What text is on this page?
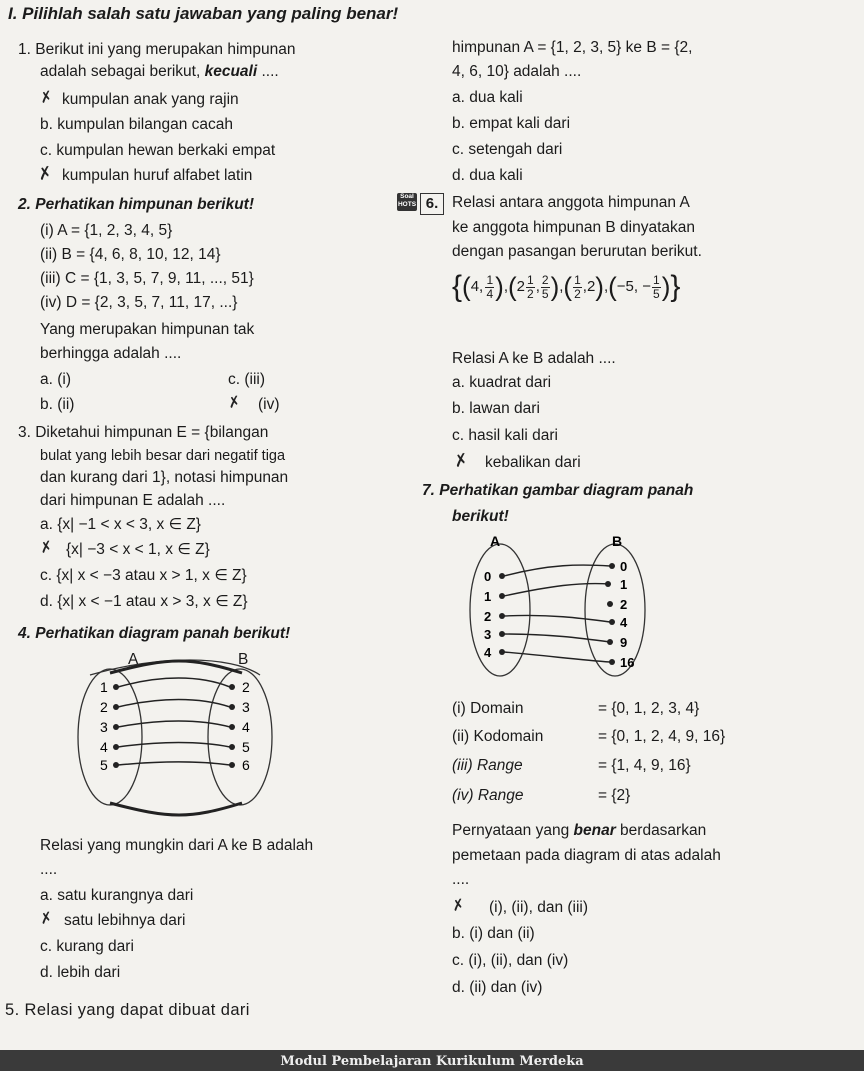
I. Pilihlah salah satu jawaban yang paling benar!
1. Berikut ini yang merupakan himpunan
adalah sebagai berikut, kecuali ....
✗ kumpulan anak yang rajin
b. kumpulan bilangan cacah
c. kumpulan hewan berkaki empat
✗ kumpulan huruf alfabet latin
2. Perhatikan himpunan berikut!
(i) A = {1, 2, 3, 4, 5}
(ii) B = {4, 6, 8, 10, 12, 14}
(iii) C = {1, 3, 5, 7, 9, 11, ..., 51}
(iv) D = {2, 3, 5, 7, 11, 17, ...}
Yang merupakan himpunan tak
berhingga adalah ....
a. (i)	c. (iii)
b. (ii)	✗ (iv)
3. Diketahui himpunan E = {bilangan
bulat yang lebih besar dari negatif tiga
dan kurang dari 1}, notasi himpunan
dari himpunan E adalah ....
a. {x| −1 < x < 3, x ∈ Z}
✗ {x| −3 < x < 1, x ∈ Z}
c. {x| x < −3 atau x > 1, x ∈ Z}
d. {x| x < −1 atau x > 3, x ∈ Z}
4. Perhatikan diagram panah berikut!
A	B
1
2
3
4
5
2
3
4
5
6
Relasi yang mungkin dari A ke B adalah
....
a. satu kurangnya dari
✗ satu lebihnya dari
c. kurang dari
d. lebih dari
5. Relasi yang dapat dibuat dari
himpunan A = {1, 2, 3, 5} ke B = {2,
4, 6, 10} adalah ....
a. dua kali
b. empat kali dari
c. setengah dari
d. dua kali
Soal HOTS 6. Relasi antara anggota himpunan A
ke anggota himpunan B dinyatakan
dengan pasangan berurutan berikut.
{(4,  $\frac{1}{4} ),(2 \frac{1}{2}$ , $\frac{2}{5}$ ),( $\frac{1}{2} ,2),(-5$, − $\frac{1}{5}$ )}
Relasi A ke B adalah ....
a. kuadrat dari
b. lawan dari
c. hasil kali dari
✗ kebalikan dari
7. Perhatikan gambar diagram panah
berikut!
A	B
0
1
2
3
4
0
1
2
4
9
16
(i) Domain	= {0, 1, 2, 3, 4}
(ii) Kodomain	= {0, 1, 2, 4, 9, 16}
(iii) Range	= {1, 4, 9, 16}
(iv) Range	= {2}
Pernyataan yang benar berdasarkan
pemetaan pada diagram di atas adalah
....
✗ (i), (ii), dan (iii)
b. (i) dan (ii)
c. (i), (ii), dan (iv)
d. (ii) dan (iv)
Modul Pembelajaran Kurikulum Merdeka
